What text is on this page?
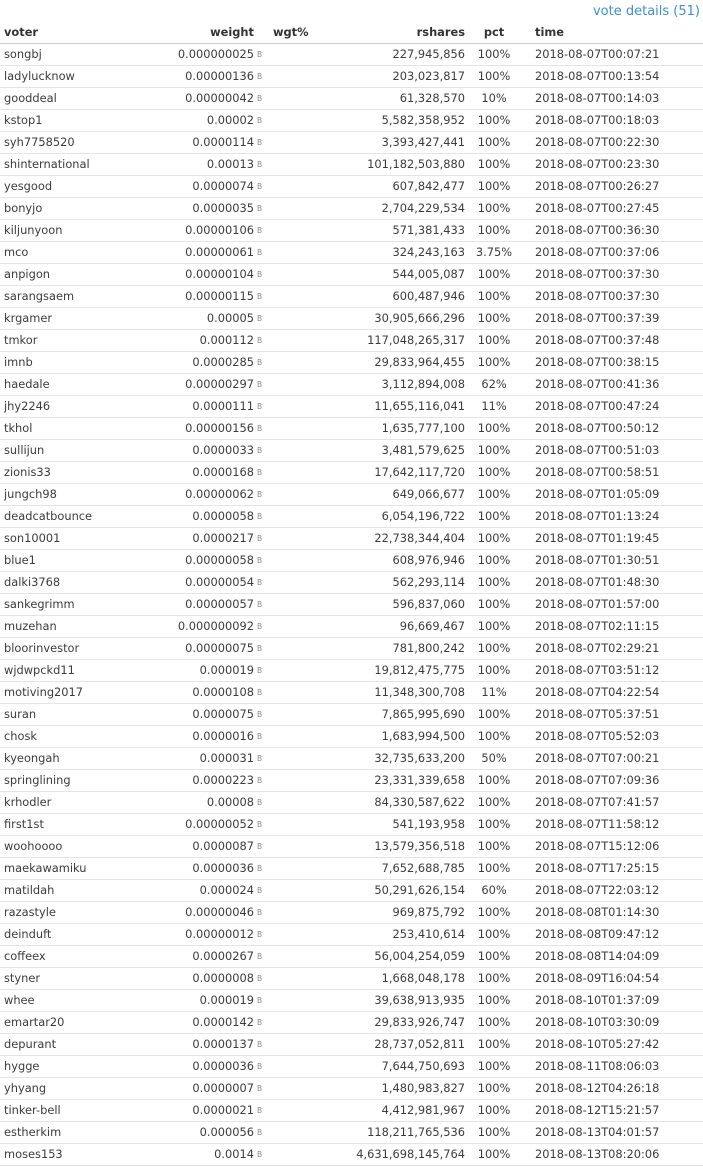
vote details (51)
voter	weight		wgt%	rshares	pct	time
songbj	0.000000025	B		227,945,856	100%	2018-08-07T00:07:21
ladylucknow	0.00000136	B		203,023,817	100%	2018-08-07T00:13:54
gooddeal	0.00000042	B		61,328,570	10%	2018-08-07T00:14:03
kstop1	0.00002	B		5,582,358,952	100%	2018-08-07T00:18:03
syh7758520	0.0000114	B		3,393,427,441	100%	2018-08-07T00:22:30
shinternational	0.00013	B		101,182,503,880	100%	2018-08-07T00:23:30
yesgood	0.0000074	B		607,842,477	100%	2018-08-07T00:26:27
bonyjo	0.0000035	B		2,704,229,534	100%	2018-08-07T00:27:45
kiljunyoon	0.00000106	B		571,381,433	100%	2018-08-07T00:36:30
mco	0.00000061	B		324,243,163	3.75%	2018-08-07T00:37:06
anpigon	0.00000104	B		544,005,087	100%	2018-08-07T00:37:30
sarangsaem	0.00000115	B		600,487,946	100%	2018-08-07T00:37:30
krgamer	0.00005	B		30,905,666,296	100%	2018-08-07T00:37:39
tmkor	0.000112	B		117,048,265,317	100%	2018-08-07T00:37:48
imnb	0.0000285	B		29,833,964,455	100%	2018-08-07T00:38:15
haedale	0.00000297	B		3,112,894,008	62%	2018-08-07T00:41:36
jhy2246	0.0000111	B		11,655,116,041	11%	2018-08-07T00:47:24
tkhol	0.00000156	B		1,635,777,100	100%	2018-08-07T00:50:12
sullijun	0.0000033	B		3,481,579,625	100%	2018-08-07T00:51:03
zionis33	0.0000168	B		17,642,117,720	100%	2018-08-07T00:58:51
jungch98	0.00000062	B		649,066,677	100%	2018-08-07T01:05:09
deadcatbounce	0.0000058	B		6,054,196,722	100%	2018-08-07T01:13:24
son10001	0.0000217	B		22,738,344,404	100%	2018-08-07T01:19:45
blue1	0.00000058	B		608,976,946	100%	2018-08-07T01:30:51
dalki3768	0.00000054	B		562,293,114	100%	2018-08-07T01:48:30
sankegrimm	0.00000057	B		596,837,060	100%	2018-08-07T01:57:00
muzehan	0.000000092	B		96,669,467	100%	2018-08-07T02:11:15
bloorinvestor	0.00000075	B		781,800,242	100%	2018-08-07T02:29:21
wjdwpckd11	0.000019	B		19,812,475,775	100%	2018-08-07T03:51:12
motiving2017	0.0000108	B		11,348,300,708	11%	2018-08-07T04:22:54
suran	0.0000075	B		7,865,995,690	100%	2018-08-07T05:37:51
chosk	0.0000016	B		1,683,994,500	100%	2018-08-07T05:52:03
kyeongah	0.000031	B		32,735,633,200	50%	2018-08-07T07:00:21
springlining	0.0000223	B		23,331,339,658	100%	2018-08-07T07:09:36
krhodler	0.00008	B		84,330,587,622	100%	2018-08-07T07:41:57
first1st	0.00000052	B		541,193,958	100%	2018-08-07T11:58:12
woohoooo	0.0000087	B		13,579,356,518	100%	2018-08-07T15:12:06
maekawamiku	0.0000036	B		7,652,688,785	100%	2018-08-07T17:25:15
matildah	0.000024	B		50,291,626,154	60%	2018-08-07T22:03:12
razastyle	0.00000046	B		969,875,792	100%	2018-08-08T01:14:30
deinduft	0.00000012	B		253,410,614	100%	2018-08-08T09:47:12
coffeex	0.0000267	B		56,004,254,059	100%	2018-08-08T14:04:09
styner	0.0000008	B		1,668,048,178	100%	2018-08-09T16:04:54
whee	0.000019	B		39,638,913,935	100%	2018-08-10T01:37:09
emartar20	0.0000142	B		29,833,926,747	100%	2018-08-10T03:30:09
depurant	0.0000137	B		28,737,052,811	100%	2018-08-10T05:27:42
hygge	0.0000036	B		7,644,750,693	100%	2018-08-11T08:06:03
yhyang	0.0000007	B		1,480,983,827	100%	2018-08-12T04:26:18
tinker-bell	0.0000021	B		4,412,981,967	100%	2018-08-12T15:21:57
estherkim	0.000056	B		118,211,765,536	100%	2018-08-13T04:01:57
moses153	0.0014	B		4,631,698,145,764	100%	2018-08-13T08:20:06
